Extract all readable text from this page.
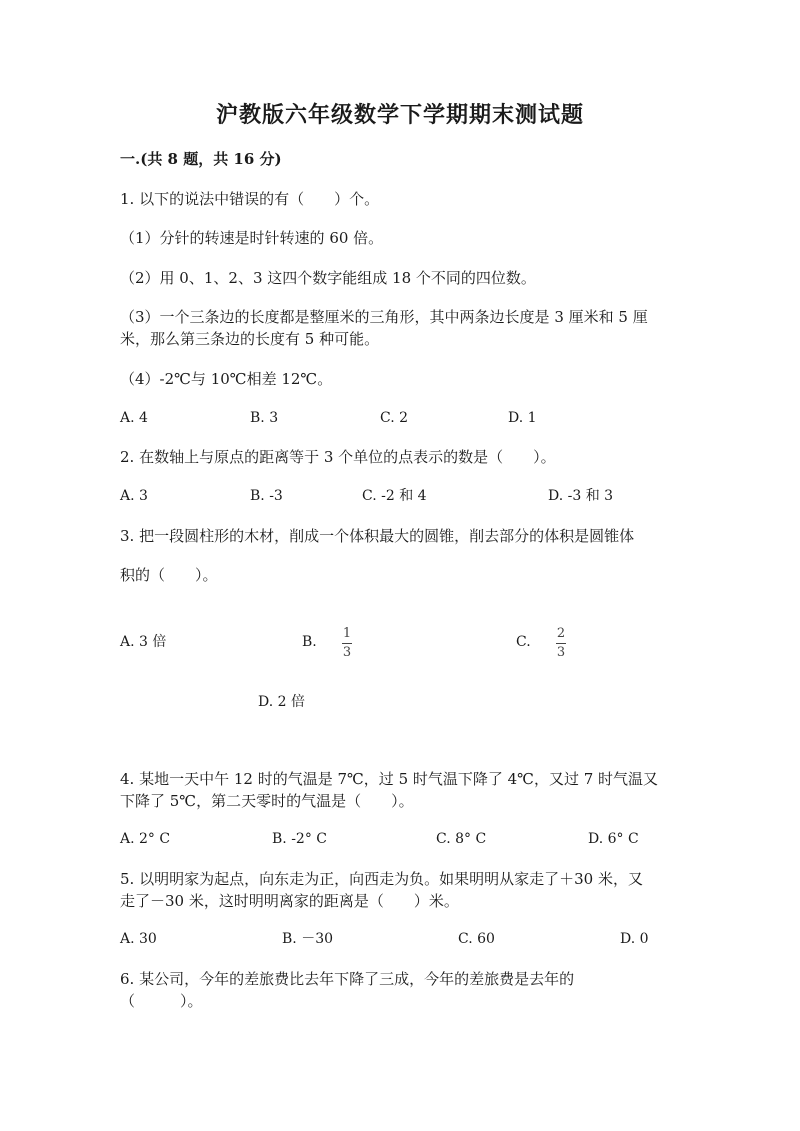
沪教版六年级数学下学期期末测试题
一.(共 8 题，共 16 分)
1. 以下的说法中错误的有（　　）个。
（1）分针的转速是时针转速的 60 倍。
（2）用 0、1、2、3 这四个数字能组成 18 个不同的四位数。
（3）一个三条边的长度都是整厘米的三角形，其中两条边长度是 3 厘米和 5 厘
米，那么第三条边的长度有 5 种可能。
（4）-2℃与 10℃相差 12℃。
A. 4	B. 3	C. 2	D. 1
2. 在数轴上与原点的距离等于 3 个单位的点表示的数是（　　）。
A. 3	B. -3	C. -2 和 4	D. -3 和 3
3. 把一段圆柱形的木材，削成一个体积最大的圆锥，削去部分的体积是圆锥体
积的（　　）。
A. 3 倍	B.
1
3
C.
2
3
D. 2 倍
4. 某地一天中午 12 时的气温是 7℃，过 5 时气温下降了 4℃，又过 7 时气温又
下降了 5℃，第二天零时的气温是（　　）。
A. 2° C	B. -2° C	C. 8° C	D. 6° C
5. 以明明家为起点，向东走为正，向西走为负。如果明明从家走了＋30 米，又
走了－30 米，这时明明离家的距离是（　　）米。
A. 30	B. －30	C. 60	D. 0
6. 某公司，今年的差旅费比去年下降了三成，今年的差旅费是去年的
（　　　）。
